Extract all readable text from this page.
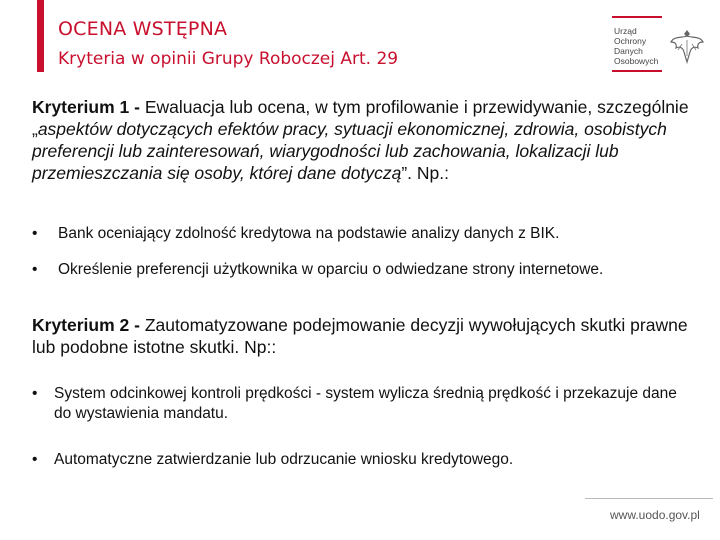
OCENA WSTĘPNA
Kryteria w opinii Grupy Roboczej Art. 29
Urząd
Ochrony
Danych
Osobowych
Kryterium 1 - Ewaluacja lub ocena, w tym profilowanie i przewidywanie, szczególnie „aspektów dotyczących efektów pracy, sytuacji ekonomicznej, zdrowia, osobistych preferencji lub zainteresowań, wiarygodności lub zachowania, lokalizacji lub przemieszczania się osoby, której dane dotyczą”. Np.:
• Bank oceniający zdolność kredytowa na podstawie analizy danych z BIK.
• Określenie preferencji użytkownika w oparciu o odwiedzane strony internetowe.
Kryterium 2 - Zautomatyzowane podejmowanie decyzji wywołujących skutki prawne lub podobne istotne skutki. Np::
• System odcinkowej kontroli prędkości - system wylicza średnią prędkość i przekazuje dane do wystawienia mandatu.
• Automatyczne zatwierdzanie lub odrzucanie wniosku kredytowego.
www.uodo.gov.pl
